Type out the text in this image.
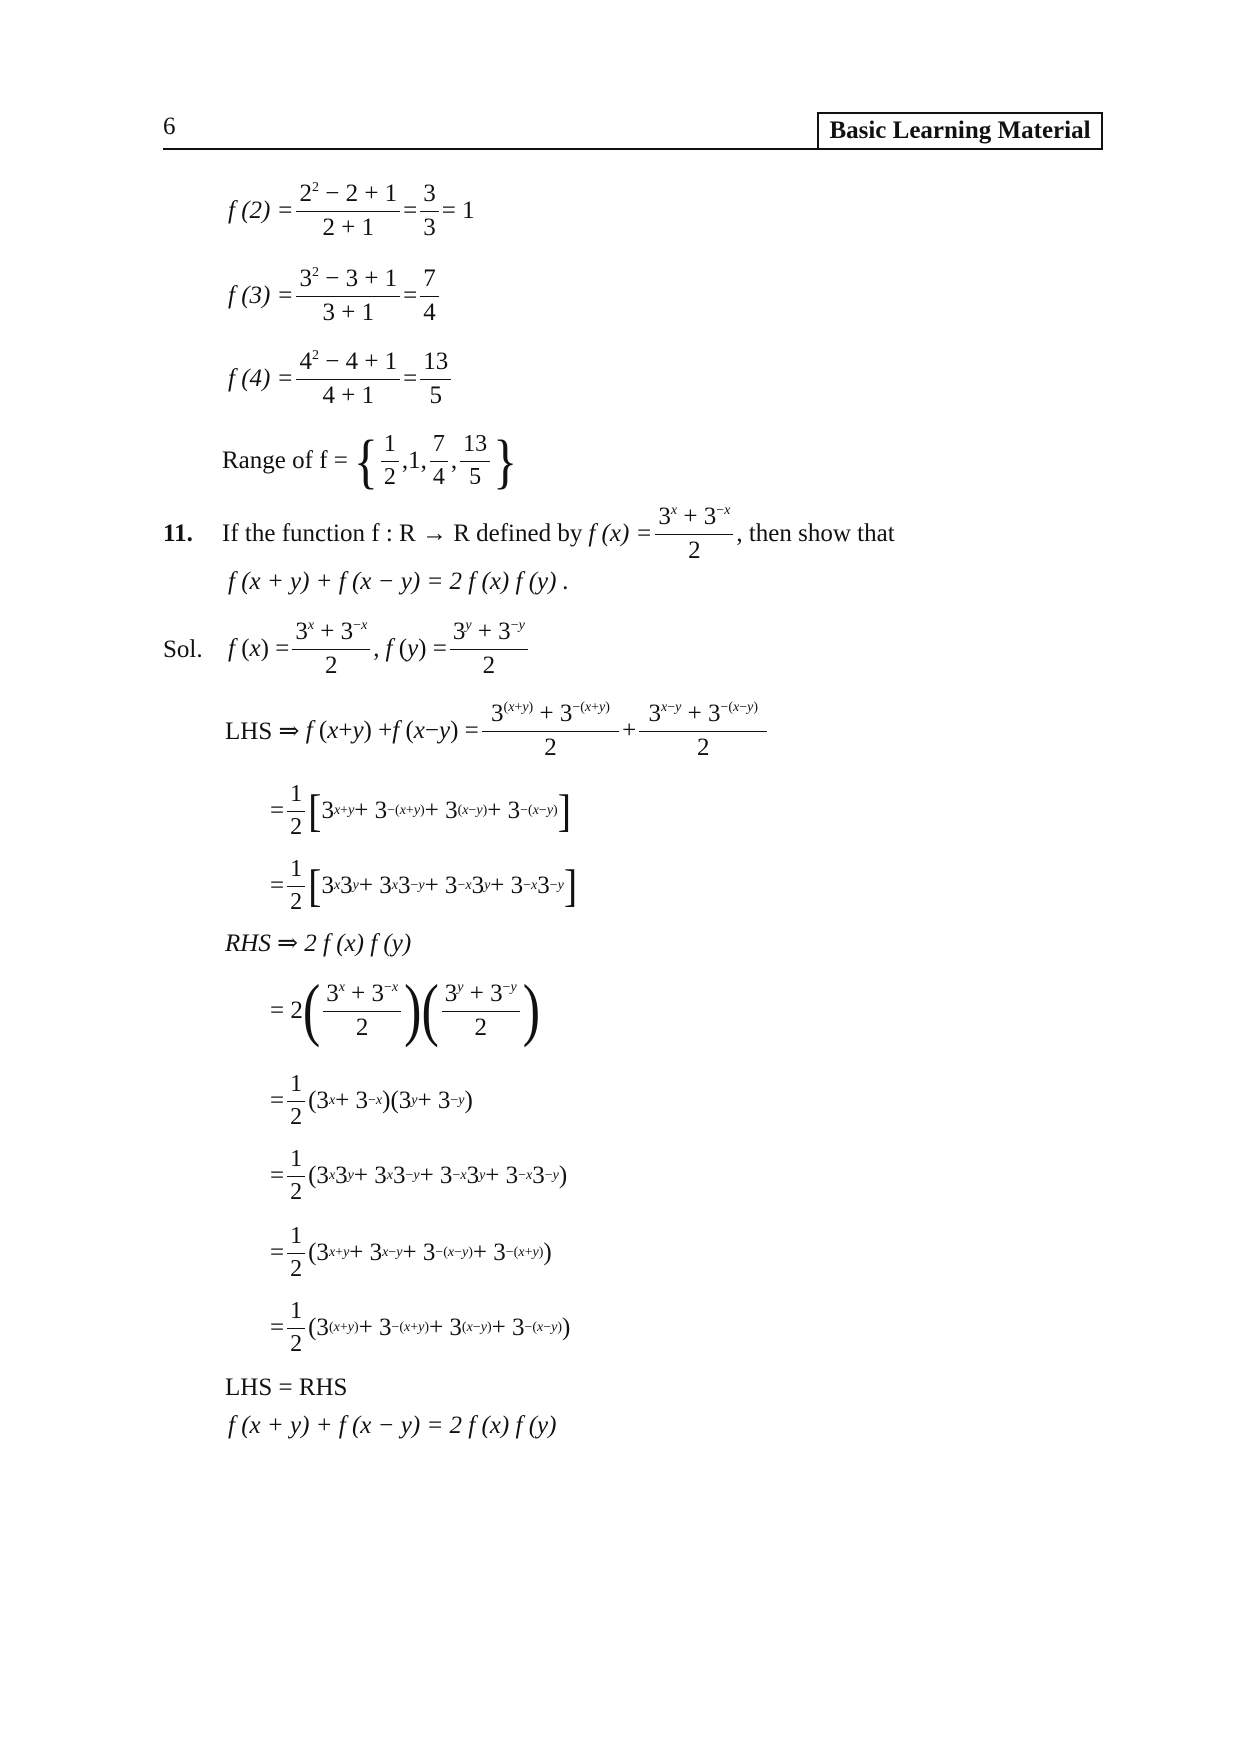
6	Basic Learning Material
f $(2) = \frac{2^2 - 2 + 1}{2 + 1} = \frac{3}{3} = 1$
f $(3) = \frac{3^2 - 3 + 1}{3 + 1} = \frac{7}{4}$
f $(4) = \frac{4^2 - 4 + 1}{4 + 1} = \frac{13}{5}$
Range of f = { $\frac{1}{2}$ , 1 , $\frac{7}{4}$ , $\frac{13}{5}$ }
11. If the function f : R → R defined by f $(x) = \frac{3^x + 3^{-x}}{2}$ , then show that
f (x + y) + f (x − y) = 2 f (x) f (y) .
Sol. f ( x ) = $\frac{3^x + 3^{-x}}{2}$ , f ( y ) = $\frac{3^y + 3^{-y}}{2}$
LHS ⇒
f ( x + y ) + f ( x − y ) = $\frac{3^{(x+y)} + 3^{-(x+y)}}{2} + \frac{3^{x-y} + 3^{-(x-y)}}{2}$
= $\frac{1}{2}$ [ 3 x+y + 3 −(x+y) + 3 (x−y) + 3 −(x−y) ]
= $\frac{1}{2}$ [ 3 x 3 y + 3 x 3 −y + 3 −x 3 y + 3 −x 3 −y ]
RHS ⇒ 2 f (x) f (y)
= 2 ( $\frac{3^x + 3^{-x}}{2}$ ) ( $\frac{3^y + 3^{-y}}{2}$ )
= $\frac{1}{2} (3$ x + 3 −x )(3 y + 3 −y )
= $\frac{1}{2} (3$ x 3 y + 3 x 3 −y + 3 −x 3 y + 3 −x 3 −y )
= $\frac{1}{2} (3$ x+y + 3 x−y + 3 −(x−y) + 3 −(x+y) )
= $\frac{1}{2} (3$ (x+y) + 3 −(x+y) + 3 (x−y) + 3 −(x−y) )
LHS = RHS
f (x + y) + f (x − y) = 2 f (x) f (y)
